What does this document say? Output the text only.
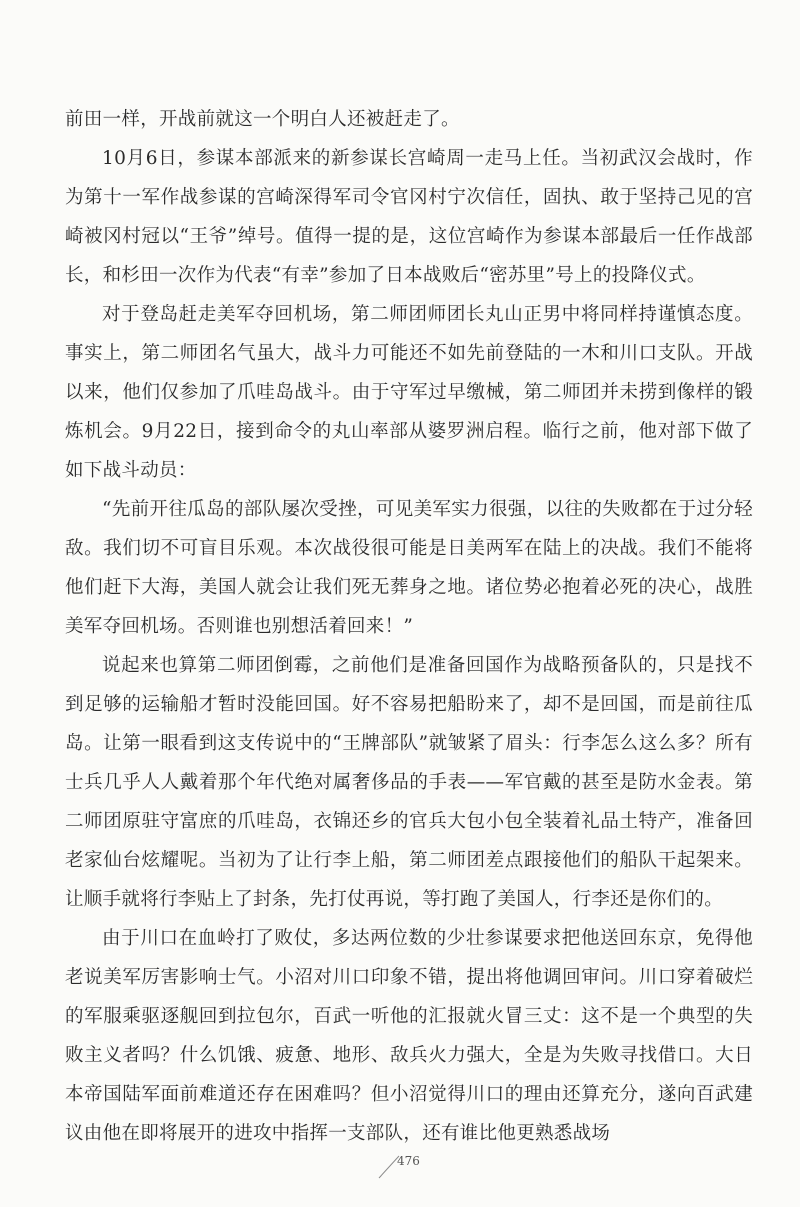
前田一样，开战前就这一个明白人还被赶走了。

10月6日，参谋本部派来的新参谋长宫崎周一走马上任。当初武汉会战时，作为第十一军作战参谋的宫崎深得军司令官冈村宁次信任，固执、敢于坚持己见的宫崎被冈村冠以“王爷”绰号。值得一提的是，这位宫崎作为参谋本部最后一任作战部长，和杉田一次作为代表“有幸”参加了日本战败后“密苏里”号上的投降仪式。

对于登岛赶走美军夺回机场，第二师团师团长丸山正男中将同样持谨慎态度。事实上，第二师团名气虽大，战斗力可能还不如先前登陆的一木和川口支队。开战以来，他们仅参加了爪哇岛战斗。由于守军过早缴械，第二师团并未捞到像样的锻炼机会。9月22日，接到命令的丸山率部从婆罗洲启程。临行之前，他对部下做了如下战斗动员：

“先前开往瓜岛的部队屡次受挫，可见美军实力很强，以往的失败都在于过分轻敌。我们切不可盲目乐观。本次战役很可能是日美两军在陆上的决战。我们不能将他们赶下大海，美国人就会让我们死无葬身之地。诸位势必抱着必死的决心，战胜美军夺回机场。否则谁也别想活着回来！”

说起来也算第二师团倒霉，之前他们是准备回国作为战略预备队的，只是找不到足够的运输船才暂时没能回国。好不容易把船盼来了，却不是回国，而是前往瓜岛。让第一眼看到这支传说中的“王牌部队”就皱紧了眉头：行李怎么这么多？所有士兵几乎人人戴着那个年代绝对属奢侈品的手表——军官戴的甚至是防水金表。第二师团原驻守富庶的爪哇岛，衣锦还乡的官兵大包小包全装着礼品土特产，准备回老家仙台炫耀呢。当初为了让行李上船，第二师团差点跟接他们的船队干起架来。让顺手就将行李贴上了封条，先打仗再说，等打跑了美国人，行李还是你们的。

由于川口在血岭打了败仗，多达两位数的少壮参谋要求把他送回东京，免得他老说美军厉害影响士气。小沼对川口印象不错，提出将他调回审问。川口穿着破烂的军服乘驱逐舰回到拉包尔，百武一听他的汇报就火冒三丈：这不是一个典型的失败主义者吗？什么饥饿、疲惫、地形、敌兵火力强大，全是为失败寻找借口。大日本帝国陆军面前难道还存在困难吗？但小沼觉得川口的理由还算充分，遂向百武建议由他在即将展开的进攻中指挥一支部队，还有谁比他更熟悉战场

476
